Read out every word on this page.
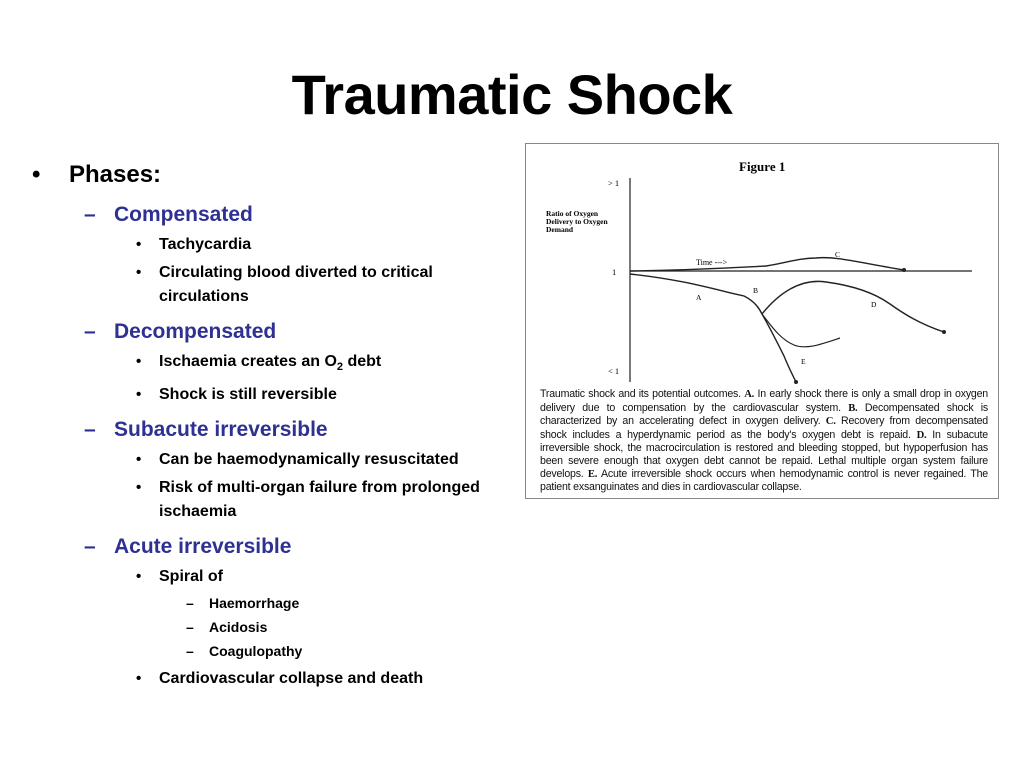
Traumatic Shock
• Phases:
– Compensated
• Tachycardia
• Circulating blood diverted to critical circulations
– Decompensated
• Ischaemia creates an $O_2$ debt
• Shock is still reversible
– Subacute irreversible
• Can be haemodynamically resuscitated
• Risk of multi-organ failure from prolonged ischaemia
– Acute irreversible
• Spiral of
– Haemorrhage
– Acidosis
– Coagulopathy
• Cardiovascular collapse and death
Figure 1
> 1
1
< 1
Ratio of Oxygen
Delivery to Oxygen
Demand
Time --->
A
B
C
D
E
Traumatic shock and its potential outcomes. A. In early shock there is only a small drop in oxygen delivery due to compensation by the cardiovascular system. B. Decompensated shock is characterized by an accelerating defect in oxygen delivery. C. Recovery from decompensated shock includes a hyperdynamic period as the body's oxygen debt is repaid. D. In subacute irreversible shock, the macrocirculation is restored and bleeding stopped, but hypoperfusion has been severe enough that oxygen debt cannot be repaid. Lethal multiple organ system failure develops. E. Acute irreversible shock occurs when hemodynamic control is never regained. The patient exsanguinates and dies in cardiovascular collapse.
